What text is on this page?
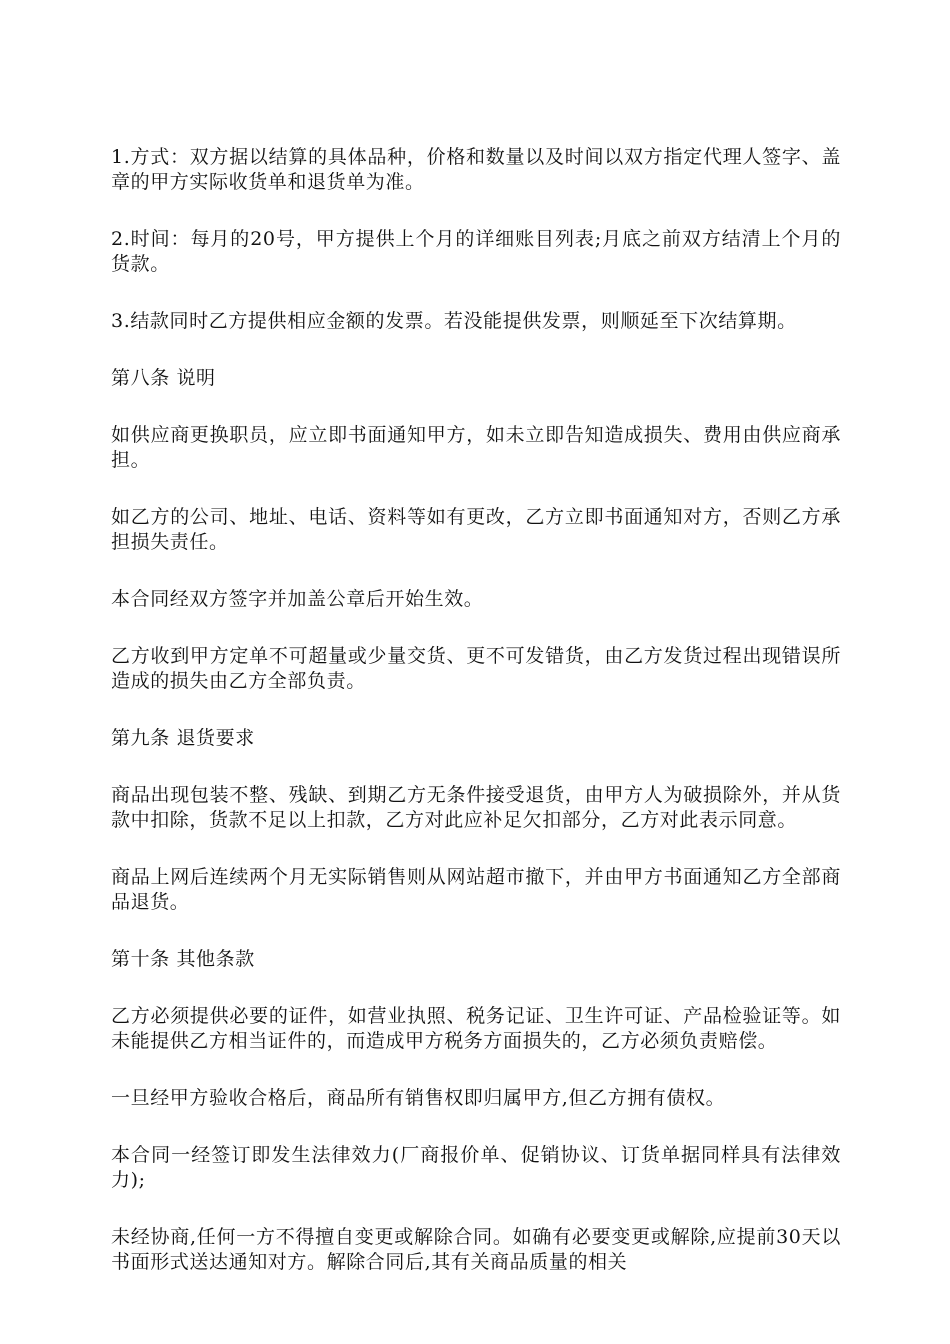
1.方式：双方据以结算的具体品种，价格和数量以及时间以双方指定代理人签字、盖章的甲方实际收货单和退货单为准。

2.时间：每月的20号，甲方提供上个月的详细账目列表;月底之前双方结清上个月的货款。

3.结款同时乙方提供相应金额的发票。若没能提供发票，则顺延至下次结算期。

第八条 说明

如供应商更换职员，应立即书面通知甲方，如未立即告知造成损失、费用由供应商承担。

如乙方的公司、地址、电话、资料等如有更改，乙方立即书面通知对方，否则乙方承担损失责任。

本合同经双方签字并加盖公章后开始生效。

乙方收到甲方定单不可超量或少量交货、更不可发错货，由乙方发货过程出现错误所造成的损失由乙方全部负责。

第九条 退货要求

商品出现包装不整、残缺、到期乙方无条件接受退货，由甲方人为破损除外，并从货款中扣除，货款不足以上扣款，乙方对此应补足欠扣部分，乙方对此表示同意。

商品上网后连续两个月无实际销售则从网站超市撤下，并由甲方书面通知乙方全部商品退货。

第十条 其他条款

乙方必须提供必要的证件，如营业执照、税务记证、卫生许可证、产品检验证等。如未能提供乙方相当证件的，而造成甲方税务方面损失的，乙方必须负责赔偿。

一旦经甲方验收合格后，商品所有销售权即归属甲方,但乙方拥有债权。

本合同一经签订即发生法律效力(厂商报价单、促销协议、订货单据同样具有法律效力);

未经协商,任何一方不得擅自变更或解除合同。如确有必要变更或解除,应提前30天以书面形式送达通知对方。解除合同后,其有关商品质量的相关
